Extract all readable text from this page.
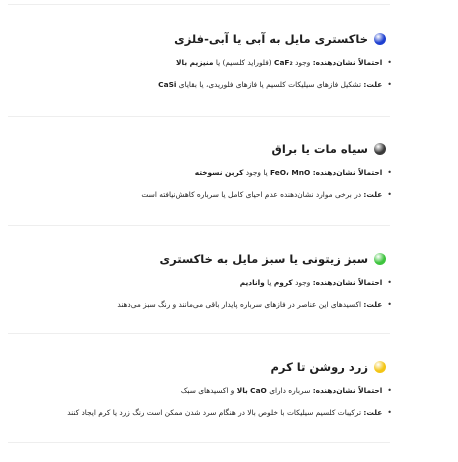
خاکستری مایل به آبی یا آبی-فلزی
•
احتمالاً نشان‌دهنده: وجود CaF₂ (فلوراید کلسیم) یا منیزیم بالا
•
علت: تشکیل فازهای سیلیکات کلسیم یا فازهای فلوریدی، یا بقایای CaSi
سیاه مات یا براق
•
احتمالاً نشان‌دهنده: FeO، MnO یا وجود کربن نسوخته
•
علت: در برخی موارد نشان‌دهنده عدم احیای کامل یا سرباره کاهش‌نیافته است
سبز زیتونی یا سبز مایل به خاکستری
•
احتمالاً نشان‌دهنده: وجود کروم یا وانادیم
•
علت: اکسیدهای این عناصر در فازهای سرباره پایدار باقی می‌مانند و رنگ سبز می‌دهند
زرد روشن تا کرم
•
احتمالاً نشان‌دهنده: سرباره دارای CaO بالا و اکسیدهای سبک
•
علت: ترکیبات کلسیم سیلیکات با خلوص بالا در هنگام سرد شدن ممکن است رنگ زرد یا کرم ایجاد کنند
